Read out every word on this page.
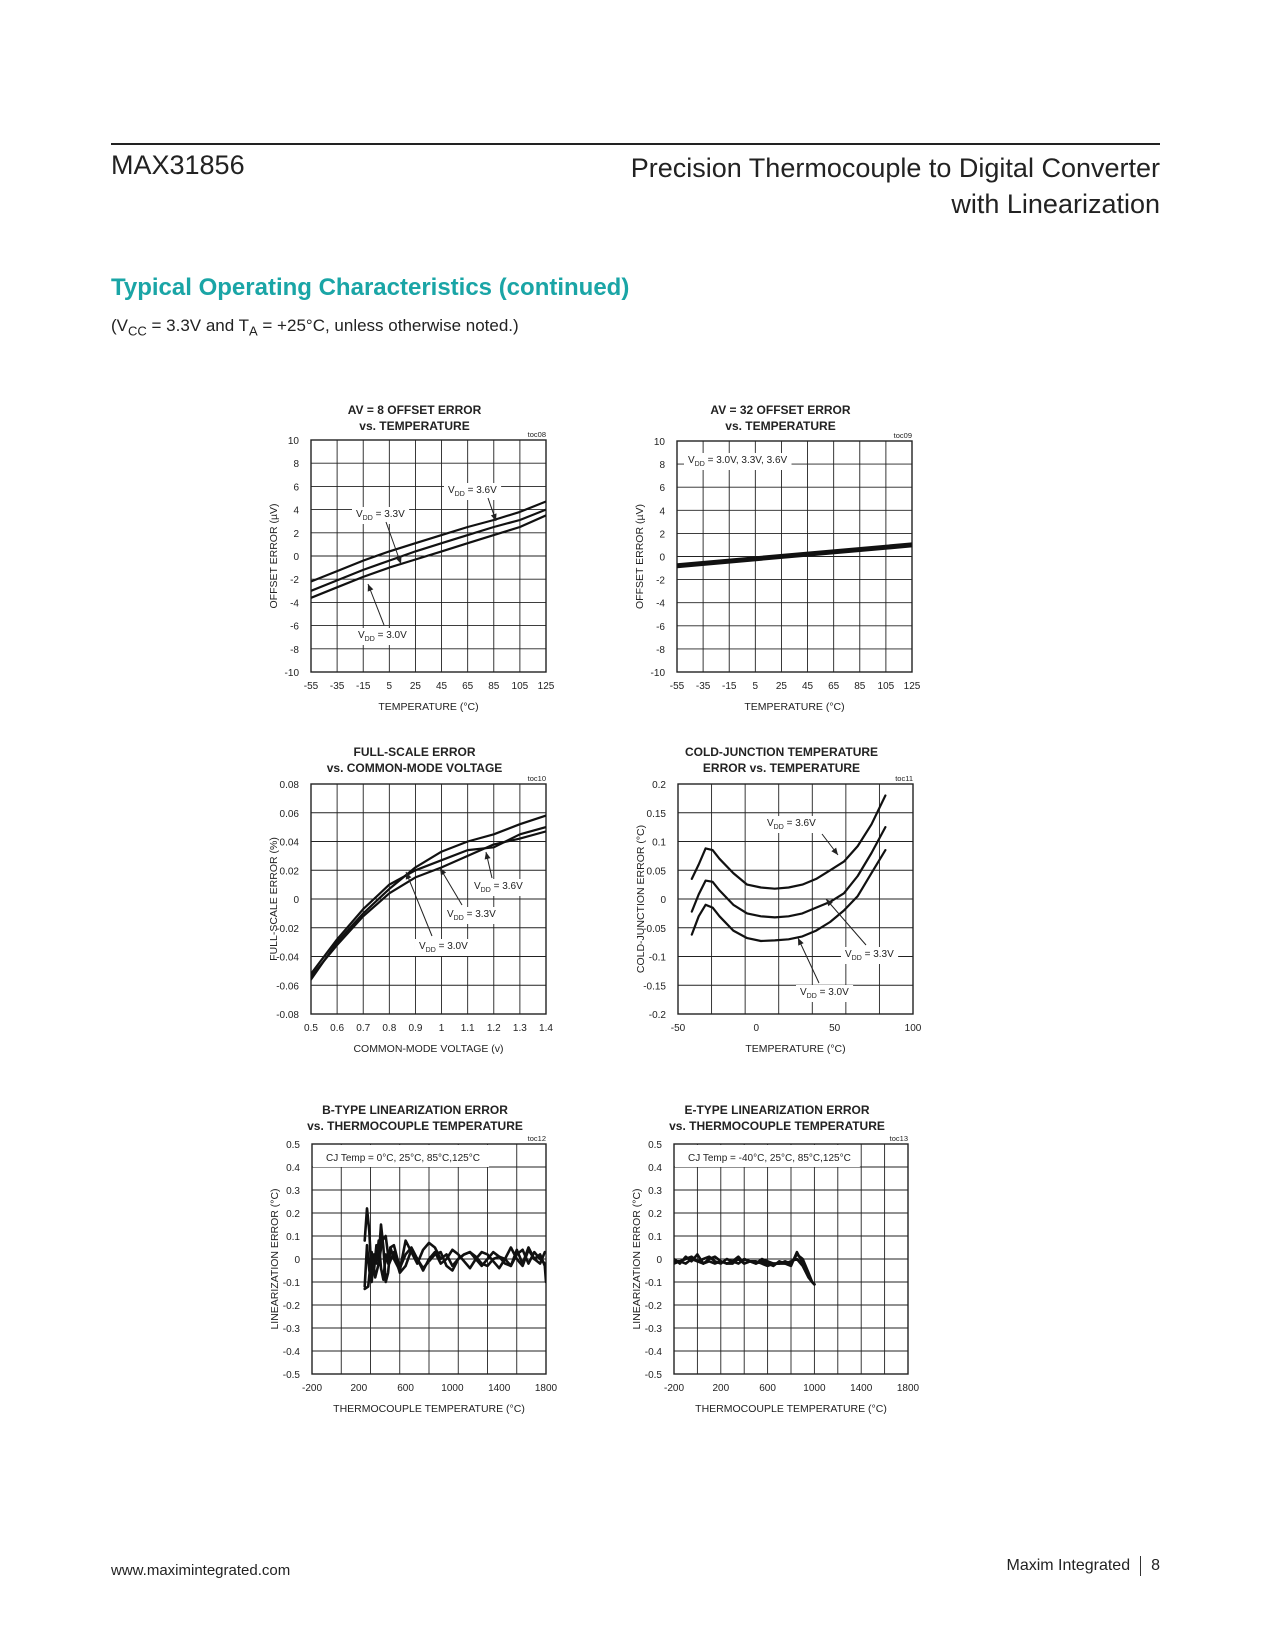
MAX31856	Precision Thermocouple to Digital Converter
with Linearization
Typical Operating Characteristics (continued)
($V_{CC} = 3.3V$ and $T_A = +25^\circ C$, unless otherwise noted.)
AV = 8 OFFSET ERROR
vs. TEMPERATURE
toc08
-55 -35 -15 5 25 45 65 85 105 125
-10
-8
-6
-4
-2
0
2
4
6
8
10
TEMPERATURE (°C)
OFFSET ERROR (µV)
$V_{DD} = 3.6V$
$V_{DD} = 3.3V$
$V_{DD} = 3.0V$
AV = 32 OFFSET ERROR
vs. TEMPERATURE
toc09
-55 -35 -15 5 25 45 65 85 105 125
-10
-8
-6
-4
-2
0
2
4
6
8
10
TEMPERATURE (°C)
OFFSET ERROR (µV)
$V_{DD} = 3.0V$, 3.3V, 3.6V
FULL-SCALE ERROR
vs. COMMON-MODE VOLTAGE
toc10
0.5 0.6 0.7 0.8 0.9 1 1.1 1.2 1.3 1.4
-0.08
-0.06
-0.04
-0.02
0
0.02
0.04
0.06
0.08
COMMON-MODE VOLTAGE (v)
FULL-SCALE ERROR (%)	$V_{DD} = 3.6V$
$V_{DD} = 3.3V$
$V_{DD} = 3.0V$
COLD-JUNCTION TEMPERATURE
ERROR vs. TEMPERATURE
toc11
-50	0	50	100
-0.2
-0.15
-0.1
-0.05
0
0.05
0.1
0.15
0.2
TEMPERATURE (°C)
COLD-JUNCTION ERROR (°C)
$V_{DD} = 3.6V$
$V_{DD} = 3.3V$
$V_{DD} = 3.0V$
B-TYPE LINEARIZATION ERROR
vs. THERMOCOUPLE TEMPERATURE
toc12
-200	200	600	1000 1400 1800
-0.5
-0.4
-0.3
-0.2
-0.1
0
0.1
0.2
0.3
0.4
0.5
THERMOCOUPLE TEMPERATURE (°C)
LINEARIZATION ERROR (°C)
CJ Temp = 0°C, 25°C, 85°C,125°C
E-TYPE LINEARIZATION ERROR
vs. THERMOCOUPLE TEMPERATURE
toc13
-200	200	600	1000 1400 1800
-0.5
-0.4
-0.3
-0.2
-0.1
0
0.1
0.2
0.3
0.4
0.5
THERMOCOUPLE TEMPERATURE (°C)
LINEARIZATION ERROR (°C)
CJ Temp = -40°C, 25°C, 85°C,125°C
www.maximintegrated.com	Maxim Integrated 8
